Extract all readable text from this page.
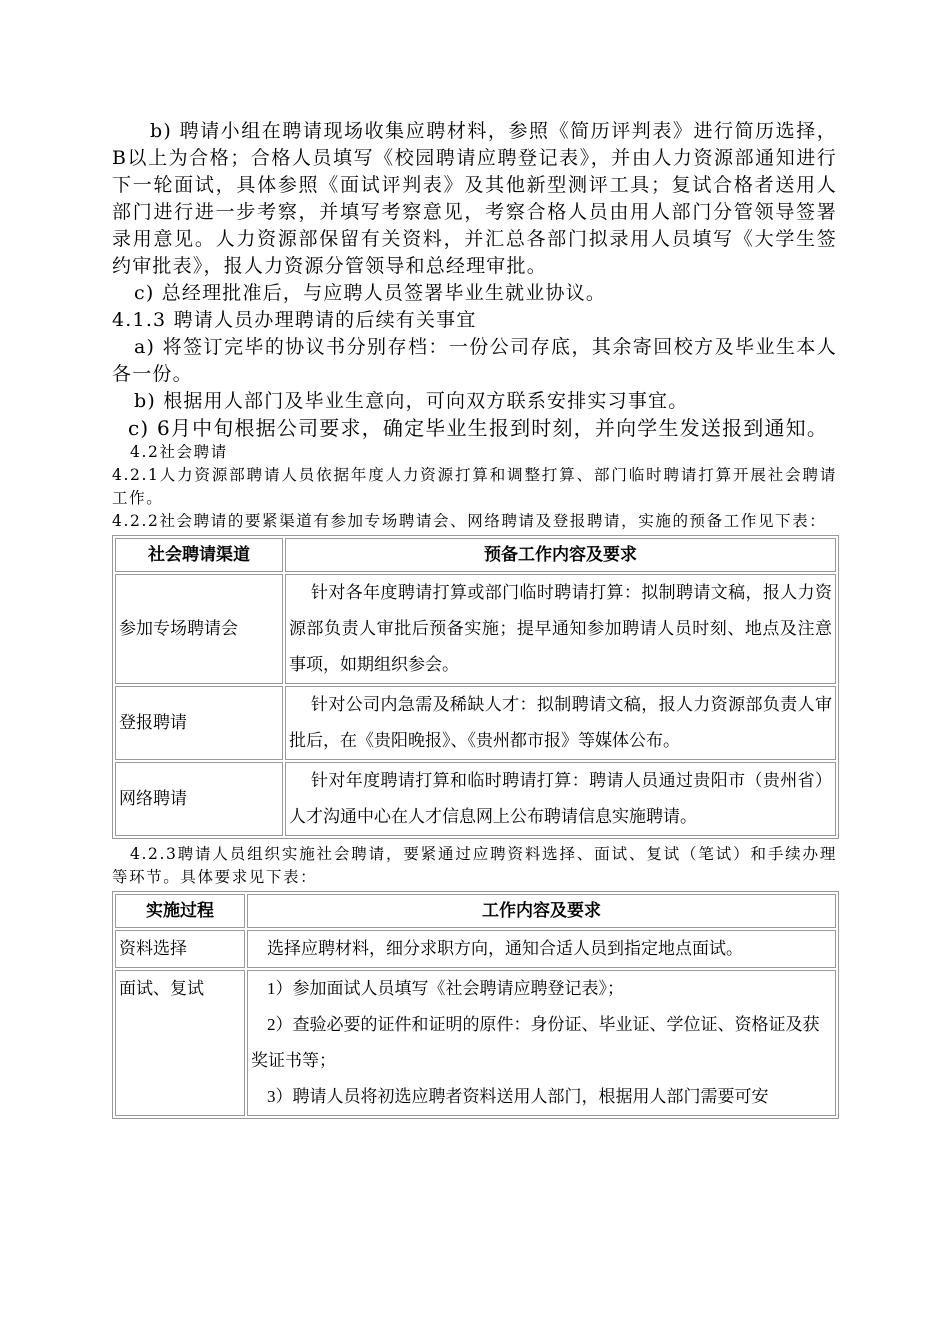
b) 聘请小组在聘请现场收集应聘材料，参照《简历评判表》进行简历选择，B以上为合格；合格人员填写《校园聘请应聘登记表》，并由人力资源部通知进行下一轮面试，具体参照《面试评判表》及其他新型测评工具；复试合格者送用人部门进行进一步考察，并填写考察意见，考察合格人员由用人部门分管领导签署录用意见。人力资源部保留有关资料，并汇总各部门拟录用人员填写《大学生签约审批表》，报人力资源分管领导和总经理审批。

c) 总经理批准后，与应聘人员签署毕业生就业协议。

4.1.3 聘请人员办理聘请的后续有关事宜

a) 将签订完毕的协议书分别存档：一份公司存底，其余寄回校方及毕业生本人各一份。

b) 根据用人部门及毕业生意向，可向双方联系安排实习事宜。

c) 6月中旬根据公司要求，确定毕业生报到时刻，并向学生发送报到通知。

4.2社会聘请

4.2.1人力资源部聘请人员依据年度人力资源打算和调整打算、部门临时聘请打算开展社会聘请工作。

4.2.2社会聘请的要紧渠道有参加专场聘请会、网络聘请及登报聘请，实施的预备工作见下表：

社会聘请渠道	预备工作内容及要求
参加专场聘请会	针对各年度聘请打算或部门临时聘请打算：拟制聘请文稿，报人力资源部负责人审批后预备实施；提早通知参加聘请人员时刻、地点及注意事项，如期组织参会。
登报聘请	针对公司内急需及稀缺人才：拟制聘请文稿，报人力资源部负责人审批后，在《贵阳晚报》、《贵州都市报》等媒体公布。
网络聘请	针对年度聘请打算和临时聘请打算：聘请人员通过贵阳市（贵州省）人才沟通中心在人才信息网上公布聘请信息实施聘请。

4.2.3聘请人员组织实施社会聘请，要紧通过应聘资料选择、面试、复试（笔试）和手续办理等环节。具体要求见下表：

实施过程	工作内容及要求
资料选择	选择应聘材料，细分求职方向，通知合适人员到指定地点面试。

面试、复试	1）参加面试人员填写《社会聘请应聘登记表》；
2）查验必要的证件和证明的原件：身份证、毕业证、学位证、资格证及获奖证书等；
3）聘请人员将初选应聘者资料送用人部门，根据用人部门需要可安
